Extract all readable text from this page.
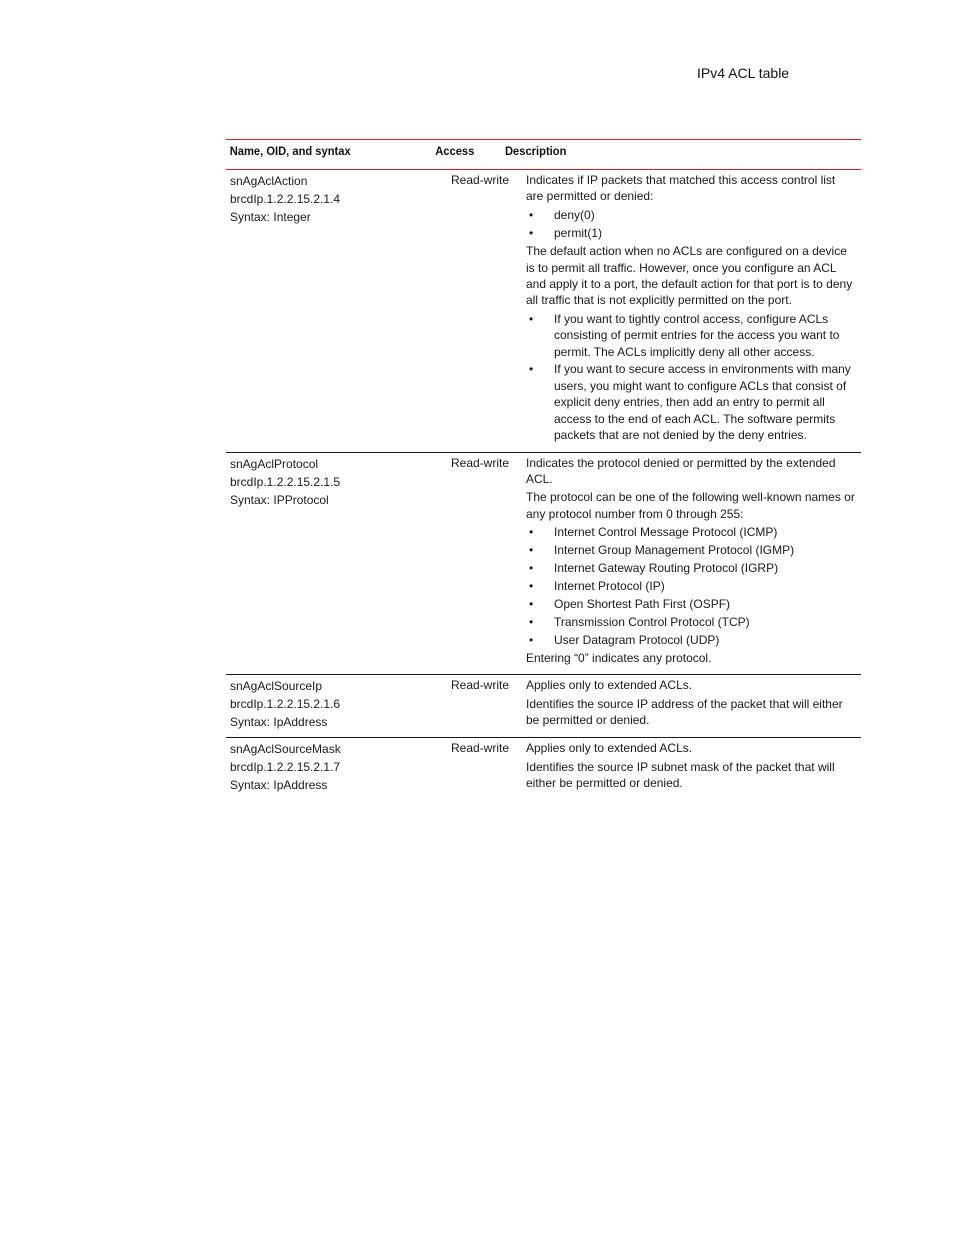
IPv4 ACL table
Name, OID, and syntax	Access	Description
snAgAclAction
brcdIp.1.2.2.15.2.1.4
Syntax: Integer
Read-write	Indicates if IP packets that matched this access control list are permitted or denied:

• deny(0)
• permit(1)

The default action when no ACLs are configured on a device is to permit all traffic. However, once you configure an ACL and apply it to a port, the default action for that port is to deny all traffic that is not explicitly permitted on the port.

• If you want to tightly control access, configure ACLs consisting of permit entries for the access you want to permit. The ACLs implicitly deny all other access.
• If you want to secure access in environments with many users, you might want to configure ACLs that consist of explicit deny entries, then add an entry to permit all access to the end of each ACL. The software permits packets that are not denied by the deny entries.
snAgAclProtocol
brcdIp.1.2.2.15.2.1.5
Syntax: IPProtocol
Read-write	Indicates the protocol denied or permitted by the extended ACL.

The protocol can be one of the following well-known names or any protocol number from 0 through 255:

• Internet Control Message Protocol (ICMP)
• Internet Group Management Protocol (IGMP)
• Internet Gateway Routing Protocol (IGRP)
• Internet Protocol (IP)
• Open Shortest Path First (OSPF)
• Transmission Control Protocol (TCP)
• User Datagram Protocol (UDP)

Entering “0” indicates any protocol.

snAgAclSourceIp
brcdIp.1.2.2.15.2.1.6
Syntax: IpAddress
Read-write	Applies only to extended ACLs.

Identifies the source IP address of the packet that will either be permitted or denied.

snAgAclSourceMask
brcdIp.1.2.2.15.2.1.7
Syntax: IpAddress
Read-write	Applies only to extended ACLs.

Identifies the source IP subnet mask of the packet that will either be permitted or denied.
